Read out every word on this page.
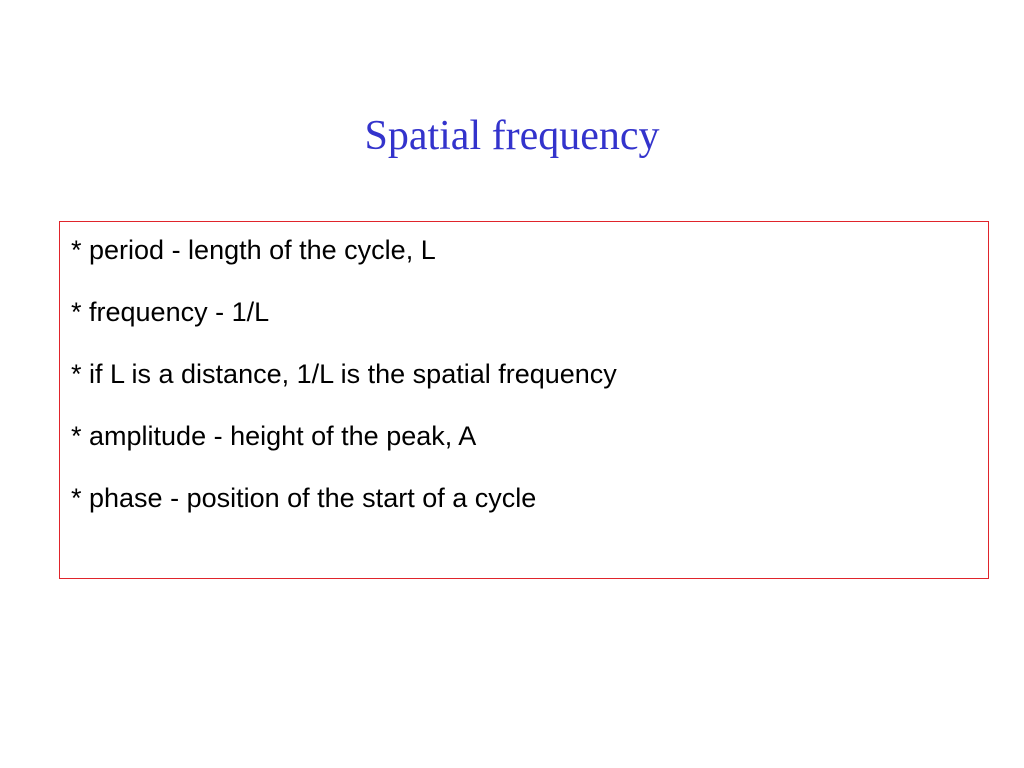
Spatial frequency
* period - length of the cycle, L
* frequency - 1/L
* if L is a distance, 1/L is the spatial frequency
* amplitude - height of the peak, A
* phase - position of the start of a cycle
